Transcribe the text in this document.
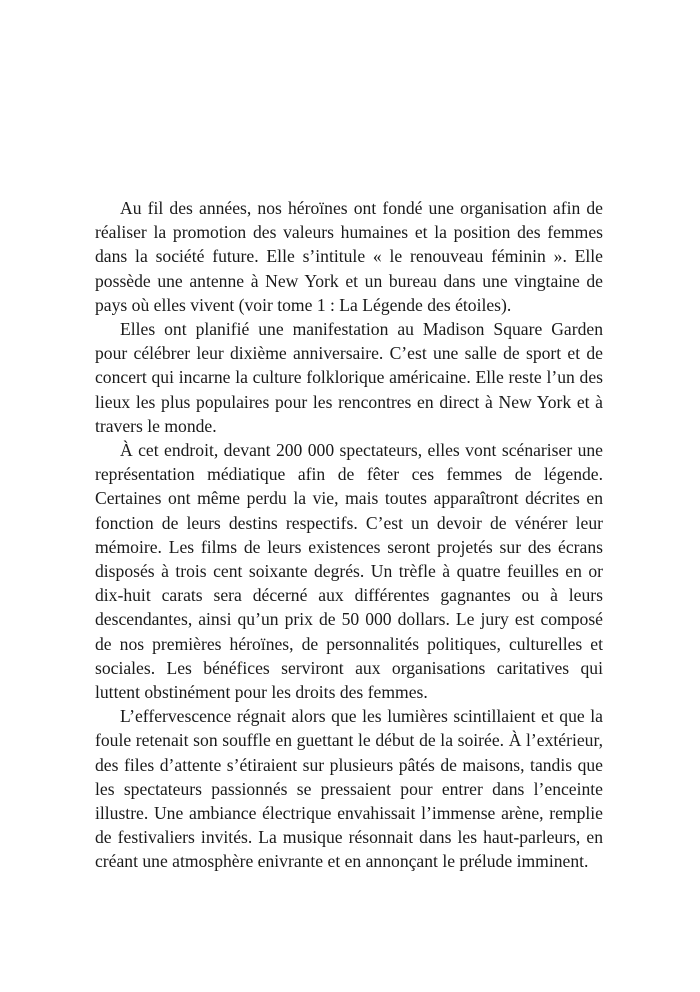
Au fil des années, nos héroïnes ont fondé une organisation afin de réaliser la promotion des valeurs humaines et la position des femmes dans la société future. Elle s’intitule « le renouveau féminin ». Elle possède une antenne à New York et un bureau dans une vingtaine de pays où elles vivent (voir tome 1 : La Légende des étoiles).

Elles ont planifié une manifestation au Madison Square Garden pour célébrer leur dixième anniversaire. C’est une salle de sport et de concert qui incarne la culture folklorique américaine. Elle reste l’un des lieux les plus populaires pour les rencontres en direct à New York et à travers le monde.

À cet endroit, devant 200 000 spectateurs, elles vont scénariser une représentation médiatique afin de fêter ces femmes de légende. Certaines ont même perdu la vie, mais toutes apparaîtront décrites en fonction de leurs destins respectifs. C’est un devoir de vénérer leur mémoire. Les films de leurs existences seront projetés sur des écrans disposés à trois cent soixante degrés. Un trèfle à quatre feuilles en or dix-huit carats sera décerné aux différentes gagnantes ou à leurs descendantes, ainsi qu’un prix de 50 000 dollars. Le jury est composé de nos premières héroïnes, de personnalités politiques, culturelles et sociales. Les bénéfices serviront aux organisations caritatives qui luttent obstinément pour les droits des femmes.

L’effervescence régnait alors que les lumières scintillaient et que la foule retenait son souffle en guettant le début de la soirée. À l’extérieur, des files d’attente s’étiraient sur plusieurs pâtés de maisons, tandis que les spectateurs passionnés se pressaient pour entrer dans l’enceinte illustre. Une ambiance électrique envahissait l’immense arène, remplie de festivaliers invités. La musique résonnait dans les haut-parleurs, en créant une atmosphère enivrante et en annonçant le prélude imminent.
